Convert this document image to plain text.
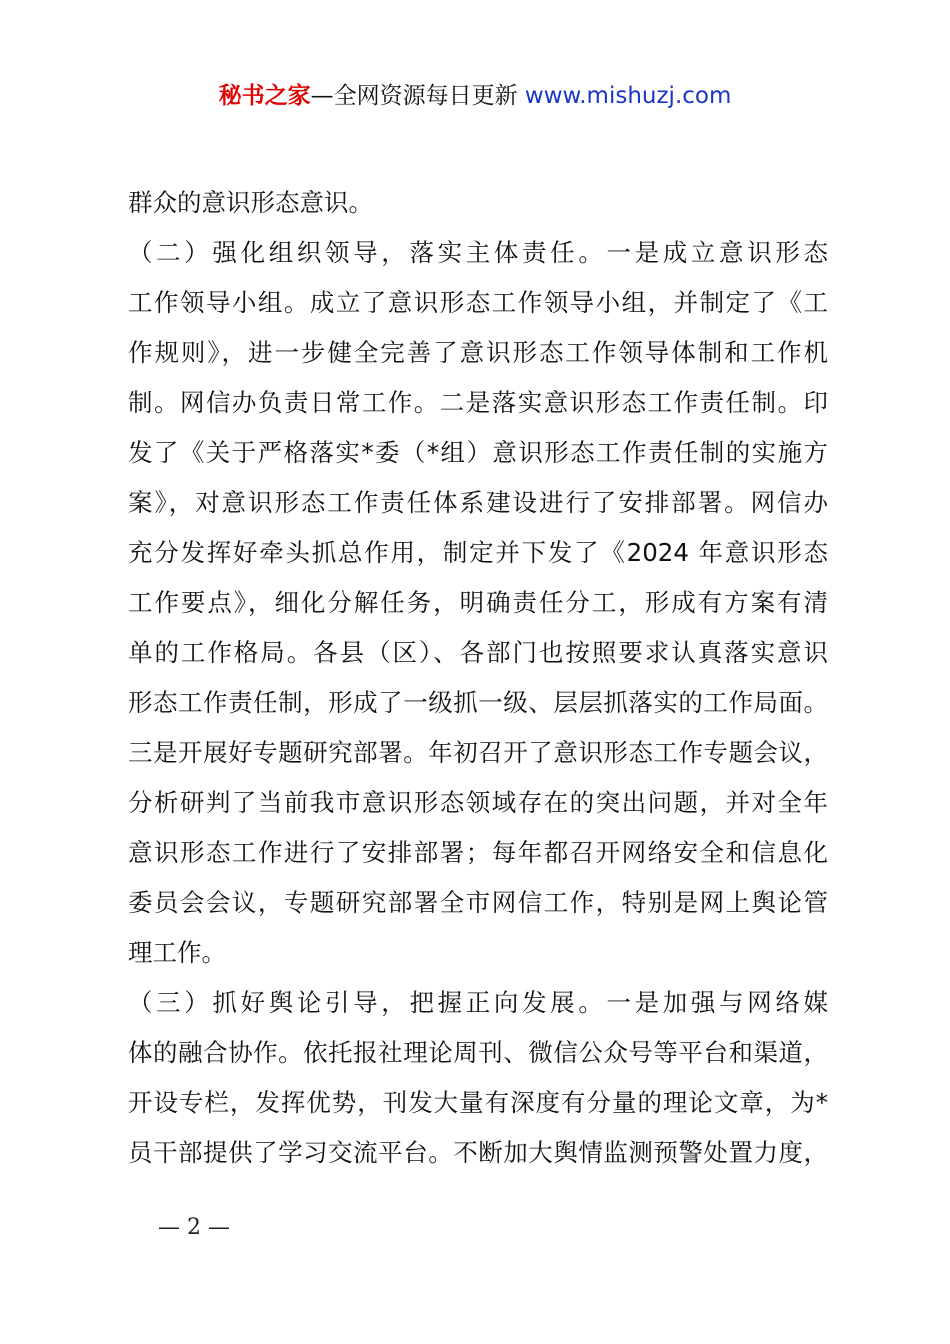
秘书之家—全网资源每日更新 www.mishuzj.com
群众的意识形态意识。
（二）强化组织领导，落实主体责任。一是成立意识形态
工作领导小组。成立了意识形态工作领导小组，并制定了《工
作规则》，进一步健全完善了意识形态工作领导体制和工作机
制。网信办负责日常工作。二是落实意识形态工作责任制。印
发了《关于严格落实*委（*组）意识形态工作责任制的实施方
案》，对意识形态工作责任体系建设进行了安排部署。网信办
充分发挥好牵头抓总作用，制定并下发了《2024 年意识形态
工作要点》，细化分解任务，明确责任分工，形成有方案有清
单的工作格局。各县（区）、各部门也按照要求认真落实意识
形态工作责任制，形成了一级抓一级、层层抓落实的工作局面。
三是开展好专题研究部署。年初召开了意识形态工作专题会议，
分析研判了当前我市意识形态领域存在的突出问题，并对全年
意识形态工作进行了安排部署；每年都召开网络安全和信息化
委员会会议，专题研究部署全市网信工作，特别是网上舆论管
理工作。
（三）抓好舆论引导，把握正向发展。一是加强与网络媒
体的融合协作。依托报社理论周刊、微信公众号等平台和渠道，
开设专栏，发挥优势，刊发大量有深度有分量的理论文章，为*
员干部提供了学习交流平台。不断加大舆情监测预警处置力度，
— 2 —
